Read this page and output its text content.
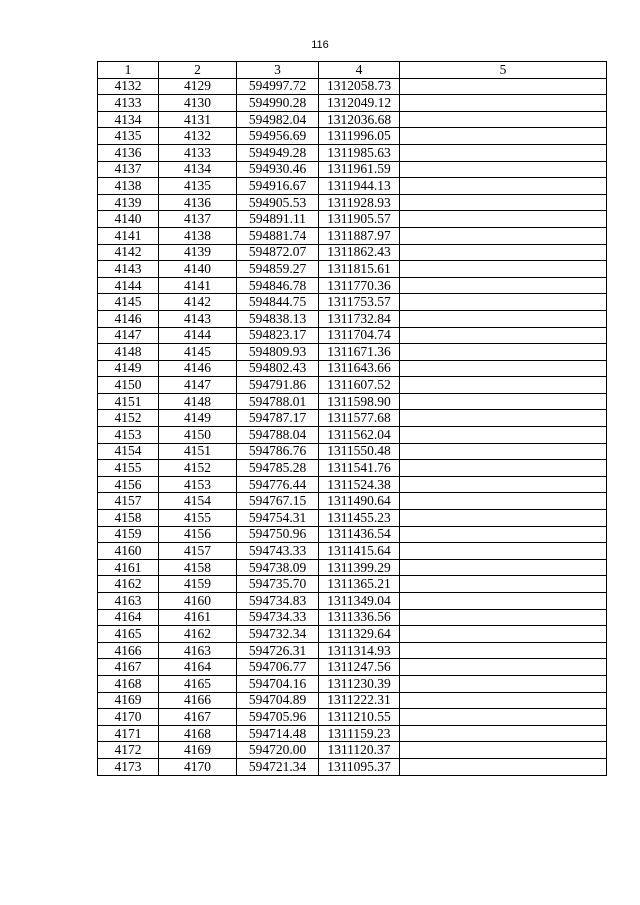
116
1	2	3	4	5
4132	4129	594997.72	1312058.73	
4133	4130	594990.28	1312049.12	
4134	4131	594982.04	1312036.68	
4135	4132	594956.69	1311996.05	
4136	4133	594949.28	1311985.63	
4137	4134	594930.46	1311961.59	
4138	4135	594916.67	1311944.13	
4139	4136	594905.53	1311928.93	
4140	4137	594891.11	1311905.57	
4141	4138	594881.74	1311887.97	
4142	4139	594872.07	1311862.43	
4143	4140	594859.27	1311815.61	
4144	4141	594846.78	1311770.36	
4145	4142	594844.75	1311753.57	
4146	4143	594838.13	1311732.84	
4147	4144	594823.17	1311704.74	
4148	4145	594809.93	1311671.36	
4149	4146	594802.43	1311643.66	
4150	4147	594791.86	1311607.52	
4151	4148	594788.01	1311598.90	
4152	4149	594787.17	1311577.68	
4153	4150	594788.04	1311562.04	
4154	4151	594786.76	1311550.48	
4155	4152	594785.28	1311541.76	
4156	4153	594776.44	1311524.38	
4157	4154	594767.15	1311490.64	
4158	4155	594754.31	1311455.23	
4159	4156	594750.96	1311436.54	
4160	4157	594743.33	1311415.64	
4161	4158	594738.09	1311399.29	
4162	4159	594735.70	1311365.21	
4163	4160	594734.83	1311349.04	
4164	4161	594734.33	1311336.56	
4165	4162	594732.34	1311329.64	
4166	4163	594726.31	1311314.93	
4167	4164	594706.77	1311247.56	
4168	4165	594704.16	1311230.39	
4169	4166	594704.89	1311222.31	
4170	4167	594705.96	1311210.55	
4171	4168	594714.48	1311159.23	
4172	4169	594720.00	1311120.37	
4173	4170	594721.34	1311095.37	
